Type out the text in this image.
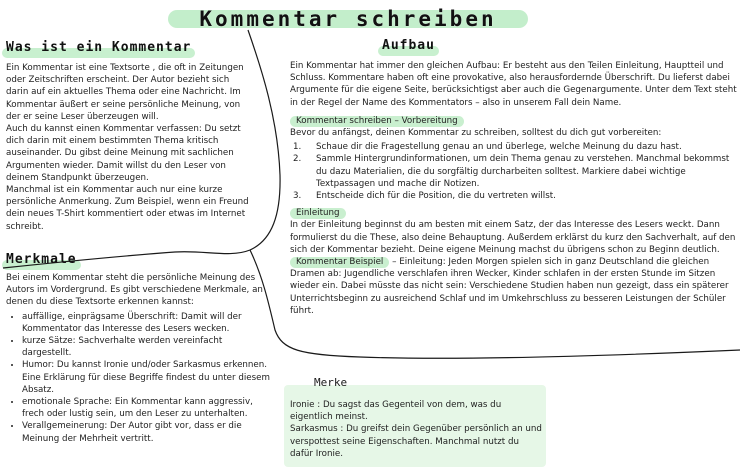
Kommentar schreiben
Was ist ein Kommentar

Ein Kommentar ist eine Textsorte , die oft in Zeitungen oder Zeitschriften erscheint. Der Autor bezieht sich darin auf ein aktuelles Thema oder eine Nachricht. Im Kommentar äußert er seine persönliche Meinung, von der er seine Leser überzeugen will.

Auch du kannst einen Kommentar verfassen: Du setzt dich darin mit einem bestimmten Thema kritisch auseinander. Du gibst deine Meinung mit sachlichen Argumenten wieder. Damit willst du den Leser von deinem Standpunkt überzeugen.

Manchmal ist ein Kommentar auch nur eine kurze persönliche Anmerkung. Zum Beispiel, wenn ein Freund dein neues T-Shirt kommentiert oder etwas im Internet schreibt.

Merkmale

Bei einem Kommentar steht die persönliche Meinung des Autors im Vordergrund. Es gibt verschiedene Merkmale, an denen du diese Textsorte erkennen kannst:

• auffällige, einprägsame Überschrift: Damit will der Kommentator das Interesse des Lesers wecken.
• kurze Sätze: Sachverhalte werden vereinfacht dargestellt.
• Humor: Du kannst Ironie und/oder Sarkasmus erkennen. Eine Erklärung für diese Begriffe findest du unter diesem Absatz.
• emotionale Sprache: Ein Kommentar kann aggressiv, frech oder lustig sein, um den Leser zu unterhalten.
• Verallgemeinerung: Der Autor gibt vor, dass er die Meinung der Mehrheit vertritt.
Aufbau

Ein Kommentar hat immer den gleichen Aufbau: Er besteht aus den Teilen Einleitung, Hauptteil und Schluss. Kommentare haben oft eine provokative, also herausfordernde Überschrift. Du lieferst dabei Argumente für die eigene Seite, berücksichtigst aber auch die Gegenargumente. Unter dem Text steht in der Regel der Name des Kommentators – also in unserem Fall dein Name.

Kommentar schreiben – Vorbereitung

Bevor du anfängst, deinen Kommentar zu schreiben, solltest du dich gut vorbereiten:

1. Schaue dir die Fragestellung genau an und überlege, welche Meinung du dazu hast.
2. Sammle Hintergrundinformationen, um dein Thema genau zu verstehen. Manchmal bekommst du dazu Materialien, die du sorgfältig durcharbeiten solltest. Markiere dabei wichtige Textpassagen und mache dir Notizen.
3. Entscheide dich für die Position, die du vertreten willst.

Einleitung

In der Einleitung beginnst du am besten mit einem Satz, der das Interesse des Lesers weckt. Dann formulierst du die These, also deine Behauptung. Außerdem erklärst du kurz den Sachverhalt, auf den sich der Kommentar bezieht. Deine eigene Meinung machst du übrigens schon zu Beginn deutlich.

Kommentar Beispiel – Einleitung: Jeden Morgen spielen sich in ganz Deutschland die gleichen Dramen ab: Jugendliche verschlafen ihren Wecker, Kinder schlafen in der ersten Stunde im Sitzen wieder ein. Dabei müsste das nicht sein: Verschiedene Studien haben nun gezeigt, dass ein späterer Unterrichtsbeginn zu ausreichend Schlaf und im Umkehrschluss zu besseren Leistungen der Schüler führt.

Merke

Ironie : Du sagst das Gegenteil von dem, was du eigentlich meinst.

Sarkasmus : Du greifst dein Gegenüber persönlich an und verspottest seine Eigenschaften. Manchmal nutzt du dafür Ironie.
